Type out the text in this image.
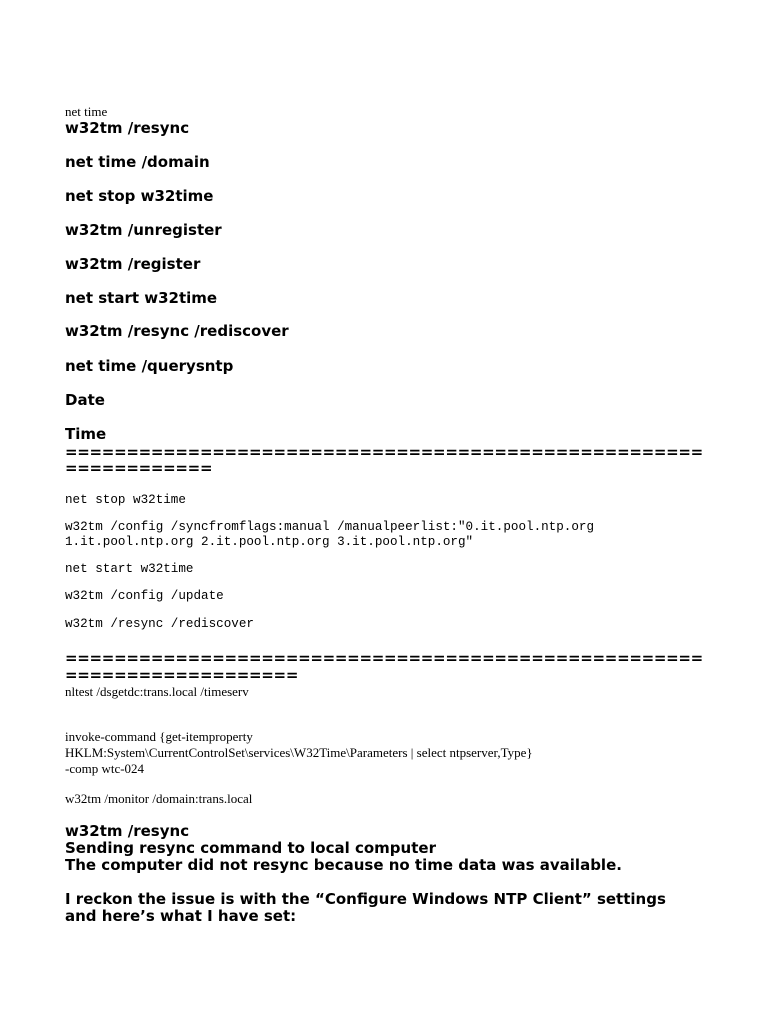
net time
w32tm /resync
net time /domain
net stop w32time
w32tm /unregister
w32tm /register
net start w32time
w32tm /resync /rediscover
net time /querysntp
Date
Time
====================================================
============
net stop w32time
w32tm /config /syncfromflags:manual /manualpeerlist:"0.it.pool.ntp.org
1.it.pool.ntp.org 2.it.pool.ntp.org 3.it.pool.ntp.org"
net start w32time
w32tm /config /update
w32tm /resync /rediscover
====================================================
===================
nltest /dsgetdc:trans.local /timeserv
invoke-command {get-itemproperty
HKLM:System\CurrentControlSet\services\W32Time\Parameters | select ntpserver,Type}
-comp wtc-024
w32tm /monitor /domain:trans.local
w32tm /resync
Sending resync command to local computer
The computer did not resync because no time data was available.
I reckon the issue is with the “Configure Windows NTP Client” settings
and here’s what I have set:
